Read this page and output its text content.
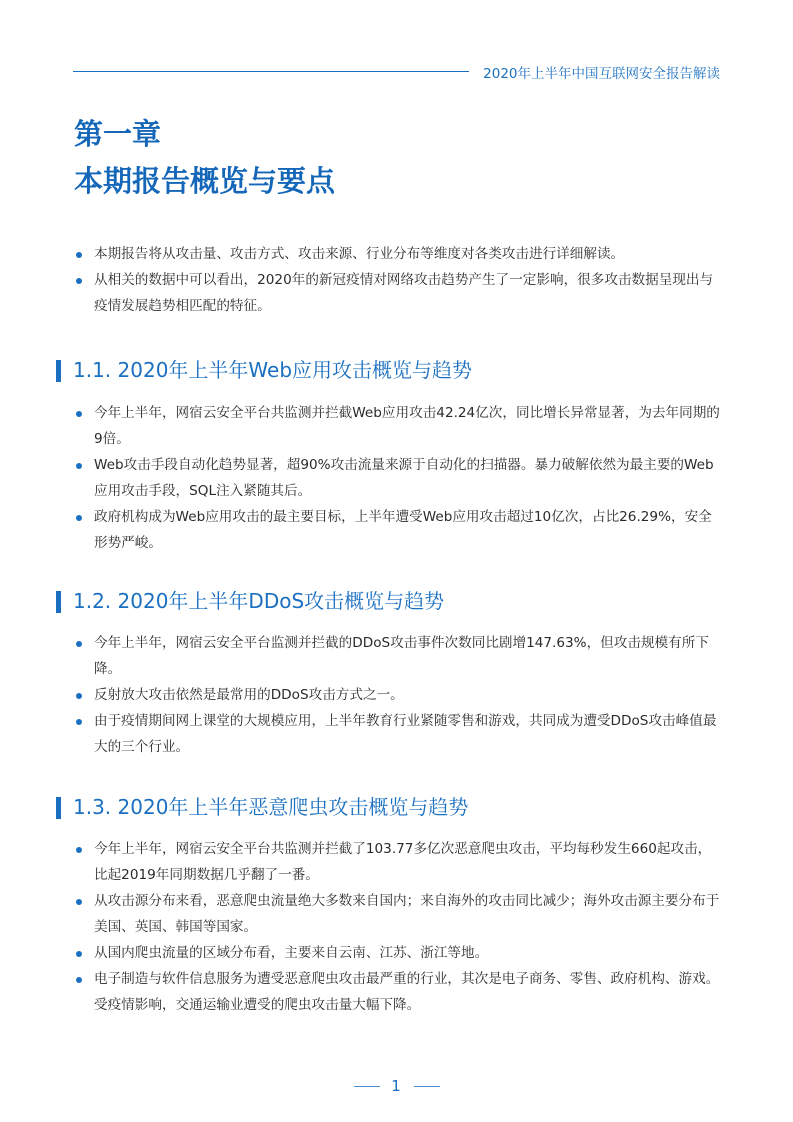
2020年上半年中国互联网安全报告解读
第一章
本期报告概览与要点
本期报告将从攻击量、攻击方式、攻击来源、行业分布等维度对各类攻击进行详细解读。
从相关的数据中可以看出，2020年的新冠疫情对网络攻击趋势产生了一定影响，很多攻击数据呈现出与疫情发展趋势相匹配的特征。
1.1. 2020年上半年Web应用攻击概览与趋势
今年上半年，网宿云安全平台共监测并拦截Web应用攻击42.24亿次，同比增长异常显著，为去年同期的9倍。
Web攻击手段自动化趋势显著，超90%攻击流量来源于自动化的扫描器。暴力破解依然为最主要的Web应用攻击手段，SQL注入紧随其后。
政府机构成为Web应用攻击的最主要目标，上半年遭受Web应用攻击超过10亿次，占比26.29%，安全形势严峻。
1.2. 2020年上半年DDoS攻击概览与趋势
今年上半年，网宿云安全平台监测并拦截的DDoS攻击事件次数同比剧增147.63%，但攻击规模有所下降。
反射放大攻击依然是最常用的DDoS攻击方式之一。
由于疫情期间网上课堂的大规模应用，上半年教育行业紧随零售和游戏，共同成为遭受DDoS攻击峰值最大的三个行业。
1.3. 2020年上半年恶意爬虫攻击概览与趋势
今年上半年，网宿云安全平台共监测并拦截了103.77多亿次恶意爬虫攻击，平均每秒发生660起攻击，比起2019年同期数据几乎翻了一番。
从攻击源分布来看，恶意爬虫流量绝大多数来自国内；来自海外的攻击同比减少；海外攻击源主要分布于美国、英国、韩国等国家。
从国内爬虫流量的区域分布看，主要来自云南、江苏、浙江等地。
电子制造与软件信息服务为遭受恶意爬虫攻击最严重的行业，其次是电子商务、零售、政府机构、游戏。受疫情影响，交通运输业遭受的爬虫攻击量大幅下降。
1
